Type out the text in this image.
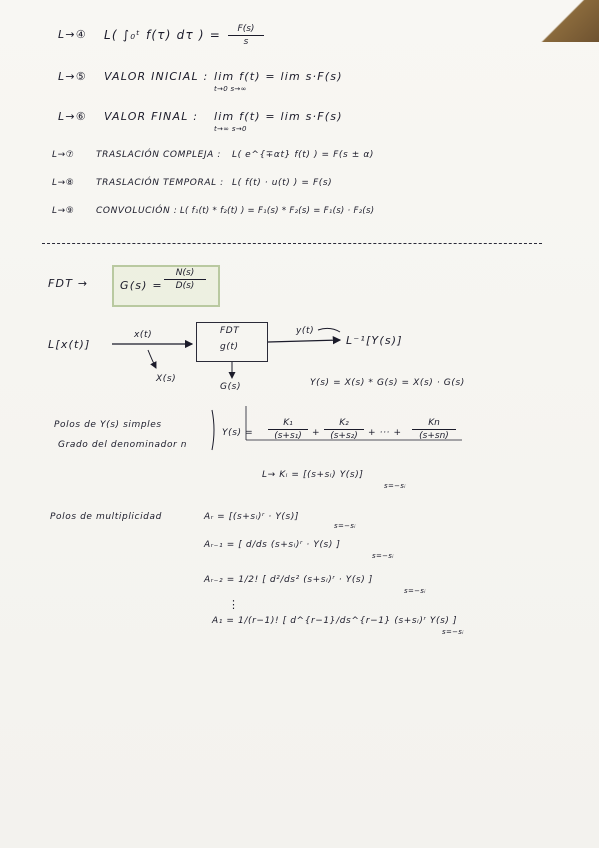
L→④ L( ∫₀ᵗ f(τ) dτ ) =	F(s)
s
L→⑤ VALOR INICIAL : lim f(t) = lim s·F(s)
t→0 s→∞
L→⑥ VALOR FINAL : lim f(t) = lim s·F(s)
t→∞ s→0
L→⑦ TRASLACIÓN COMPLEJA : L( e^{∓αt} f(t) ) = F(s ± α)
L→⑧ TRASLACIÓN TEMPORAL : L( f(t) · u(t) ) = F(s)
L→⑨ CONVOLUCIÓN : L( f₁(t) * f₂(t) ) = F₁(s) * F₂(s) = F₁(s) · F₂(s)
FDT →	G(s) =
N(s)
D(s)
L[x(t)]
x(t)
X(s)
FDT
g(t)
G(s)
y(t)
L⁻¹[Y(s)]
Y(s) = X(s) * G(s) = X(s) · G(s)
Polos de Y(s) simples
Grado del denominador n
Y(s) =
K₁
(s+s₁)	+
K₂
(s+s₂)	+ ··· +
Kn
(s+sn)
L→ Kᵢ = [(s+sᵢ) Y(s)]
s=−sᵢ
Polos de multiplicidad	Aᵣ = [(s+sᵢ)ʳ · Y(s)]
s=−sᵢ
Aᵣ₋₁ = [ d/ds (s+sᵢ)ʳ · Y(s) ]
s=−sᵢ
Aᵣ₋₂ = 1/2! [ d²/ds² (s+sᵢ)ʳ · Y(s) ]
s=−sᵢ
⋮
A₁ = 1/(r−1)! [ d^{r−1}/ds^{r−1} (s+sᵢ)ʳ Y(s) ]
s=−sᵢ
